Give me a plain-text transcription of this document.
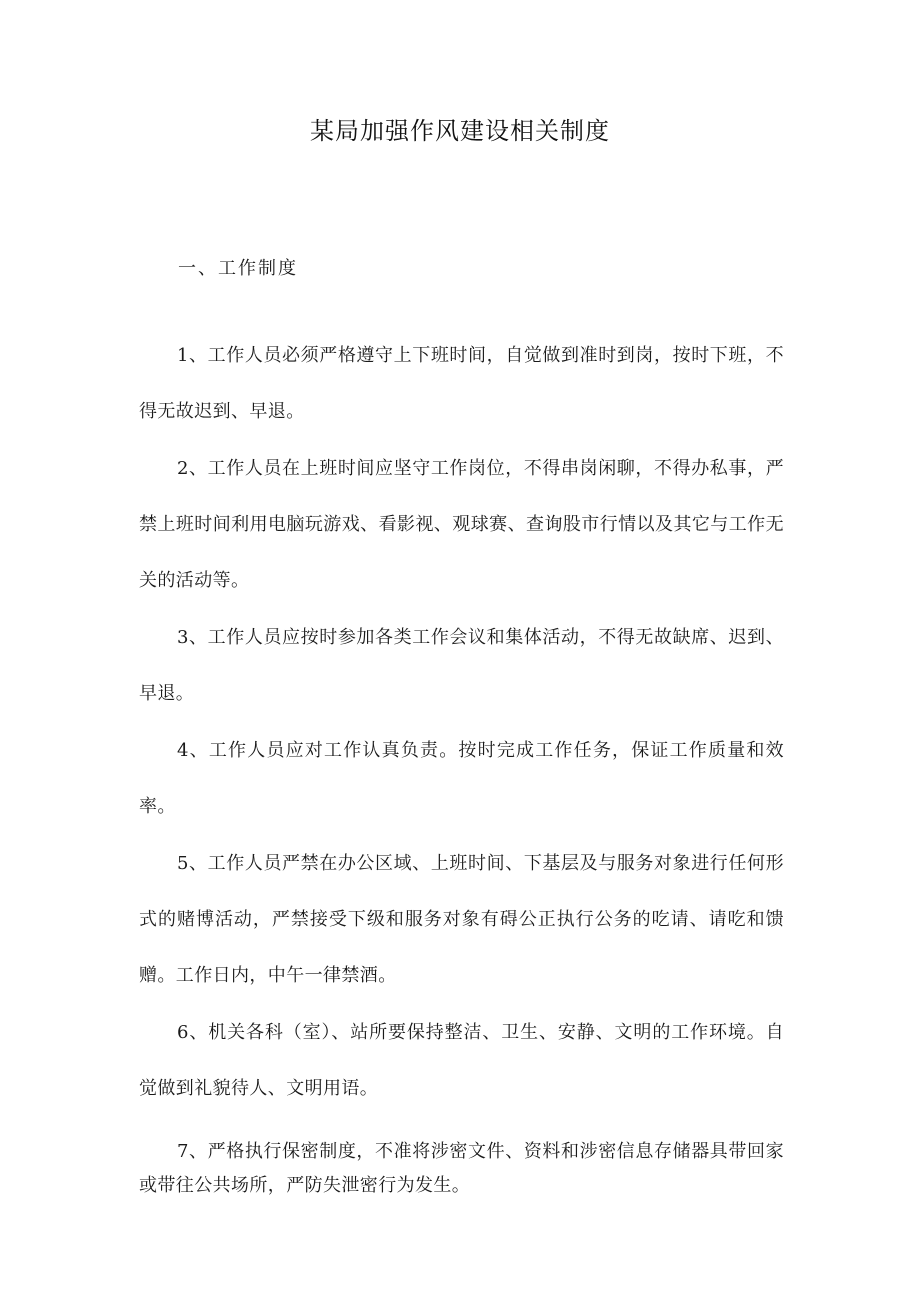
某局加强作风建设相关制度
一、工作制度

1、工作人员必须严格遵守上下班时间，自觉做到准时到岗，按时下班，不得无故迟到、早退。

2、工作人员在上班时间应坚守工作岗位，不得串岗闲聊，不得办私事，严禁上班时间利用电脑玩游戏、看影视、观球赛、查询股市行情以及其它与工作无关的活动等。

3、工作人员应按时参加各类工作会议和集体活动，不得无故缺席、迟到、早退。

4、工作人员应对工作认真负责。按时完成工作任务，保证工作质量和效率。

5、工作人员严禁在办公区域、上班时间、下基层及与服务对象进行任何形式的赌博活动，严禁接受下级和服务对象有碍公正执行公务的吃请、请吃和馈赠。工作日内，中午一律禁酒。

6、机关各科（室）、站所要保持整洁、卫生、安静、文明的工作环境。自觉做到礼貌待人、文明用语。

7、严格执行保密制度，不准将涉密文件、资料和涉密信息存储器具带回家或带往公共场所，严防失泄密行为发生。
